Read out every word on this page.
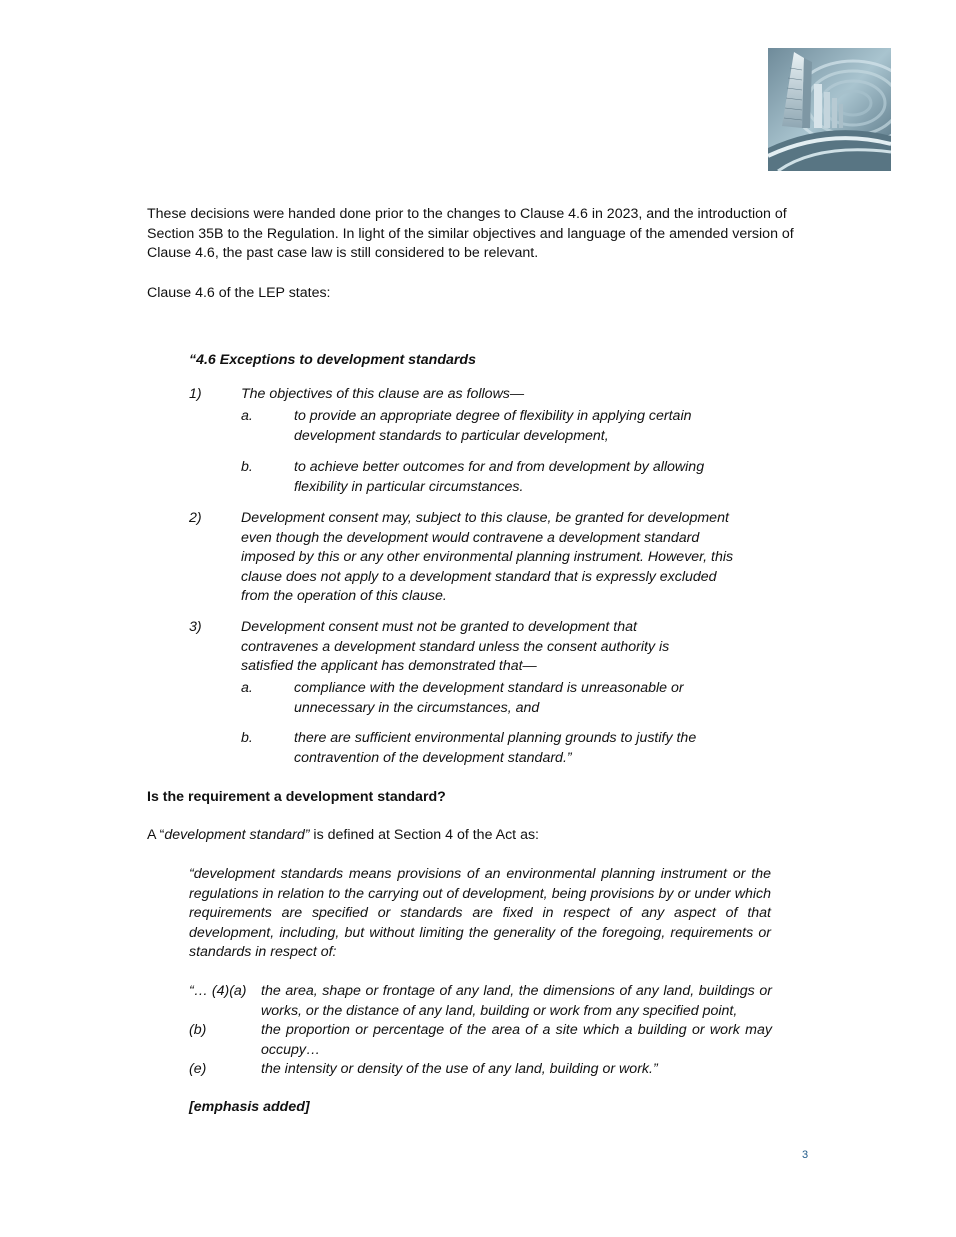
These decisions were handed done prior to the changes to Clause 4.6 in 2023, and the introduction of Section 35B to the Regulation. In light of the similar objectives and language of the amended version of Clause 4.6, the past case law is still considered to be relevant.

Clause 4.6 of the LEP states:

“4.6 Exceptions to development standards
1)	The objectives of this clause are as follows—
a.	to provide an appropriate degree of flexibility in applying certain development standards to particular development,
b.	to achieve better outcomes for and from development by allowing flexibility in particular circumstances.
2)	Development consent may, subject to this clause, be granted for development even though the development would contravene a development standard imposed by this or any other environmental planning instrument. However, this clause does not apply to a development standard that is expressly excluded from the operation of this clause.
3)	Development consent must not be granted to development that contravenes a development standard unless the consent authority is satisfied the applicant has demonstrated that—
a.	compliance with the development standard is unreasonable or unnecessary in the circumstances, and
b.	there are sufficient environmental planning grounds to justify the contravention of the development standard.”
Is the requirement a development standard?
A “development standard” is defined at Section 4 of the Act as:
“development standards means provisions of an environmental planning instrument or the regulations in relation to the carrying out of development, being provisions by or under which requirements are specified or standards are fixed in respect of any aspect of that development, including, but without limiting the generality of the foregoing, requirements or standards in respect of:
“… (4)(a) the area, shape or frontage of any land, the dimensions of any land, buildings or works, or the distance of any land, building or work from any specified point,
(b)	the proportion or percentage of the area of a site which a building or work may occupy…
(e)	the intensity or density of the use of any land, building or work.”
[emphasis added]
3
